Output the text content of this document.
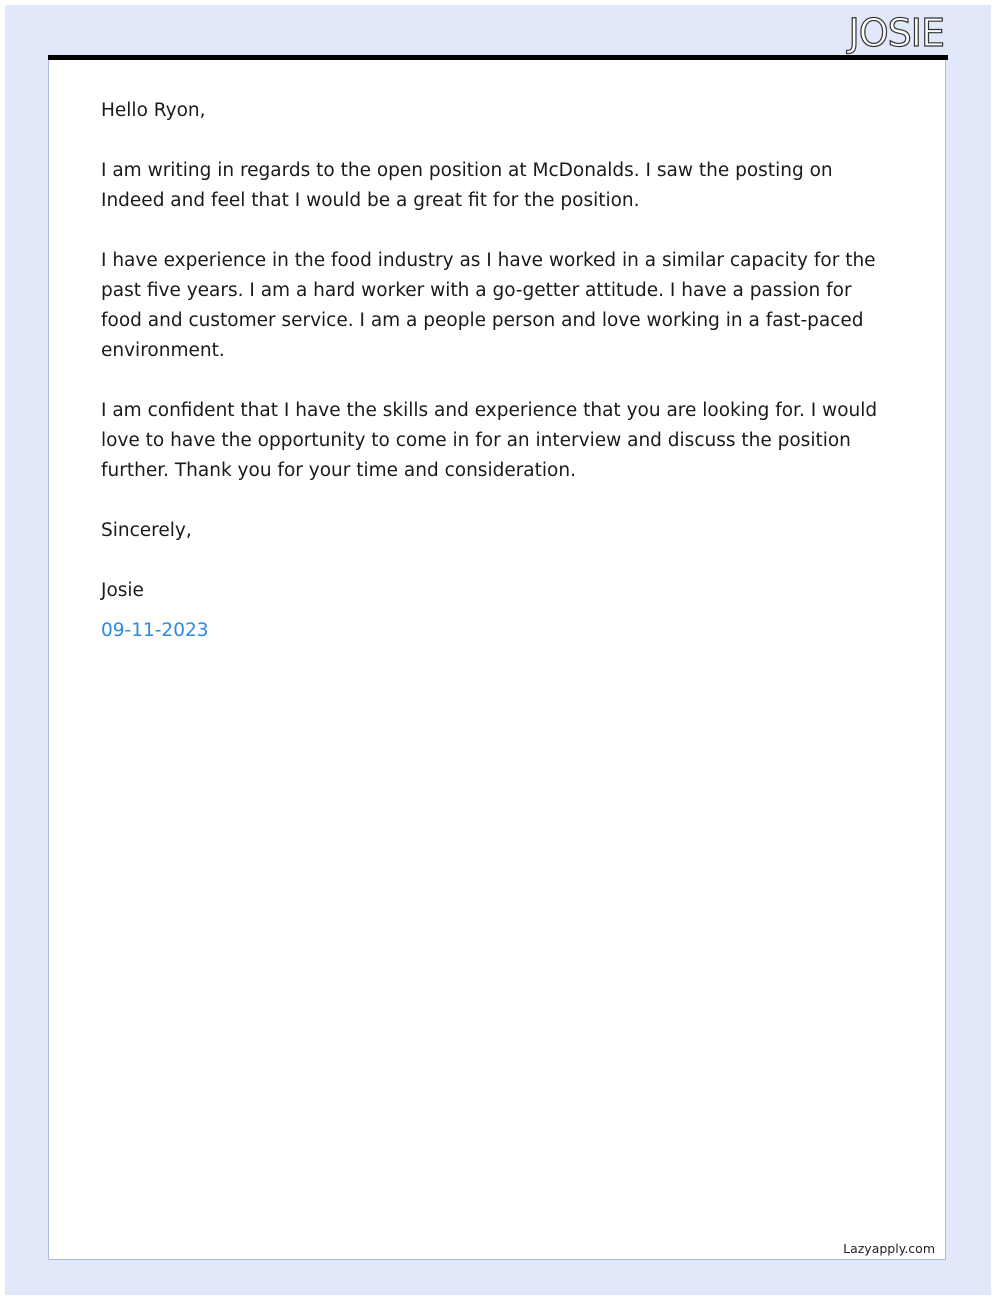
JOSIE

Hello Ryon,

I am writing in regards to the open position at McDonalds. I saw the posting on Indeed and feel that I would be a great fit for the position.

I have experience in the food industry as I have worked in a similar capacity for the past five years. I am a hard worker with a go-getter attitude. I have a passion for food and customer service. I am a people person and love working in a fast-paced environment.

I am confident that I have the skills and experience that you are looking for. I would love to have the opportunity to come in for an interview and discuss the position further. Thank you for your time and consideration.

Sincerely,

Josie

09-11-2023

Lazyapply.com
